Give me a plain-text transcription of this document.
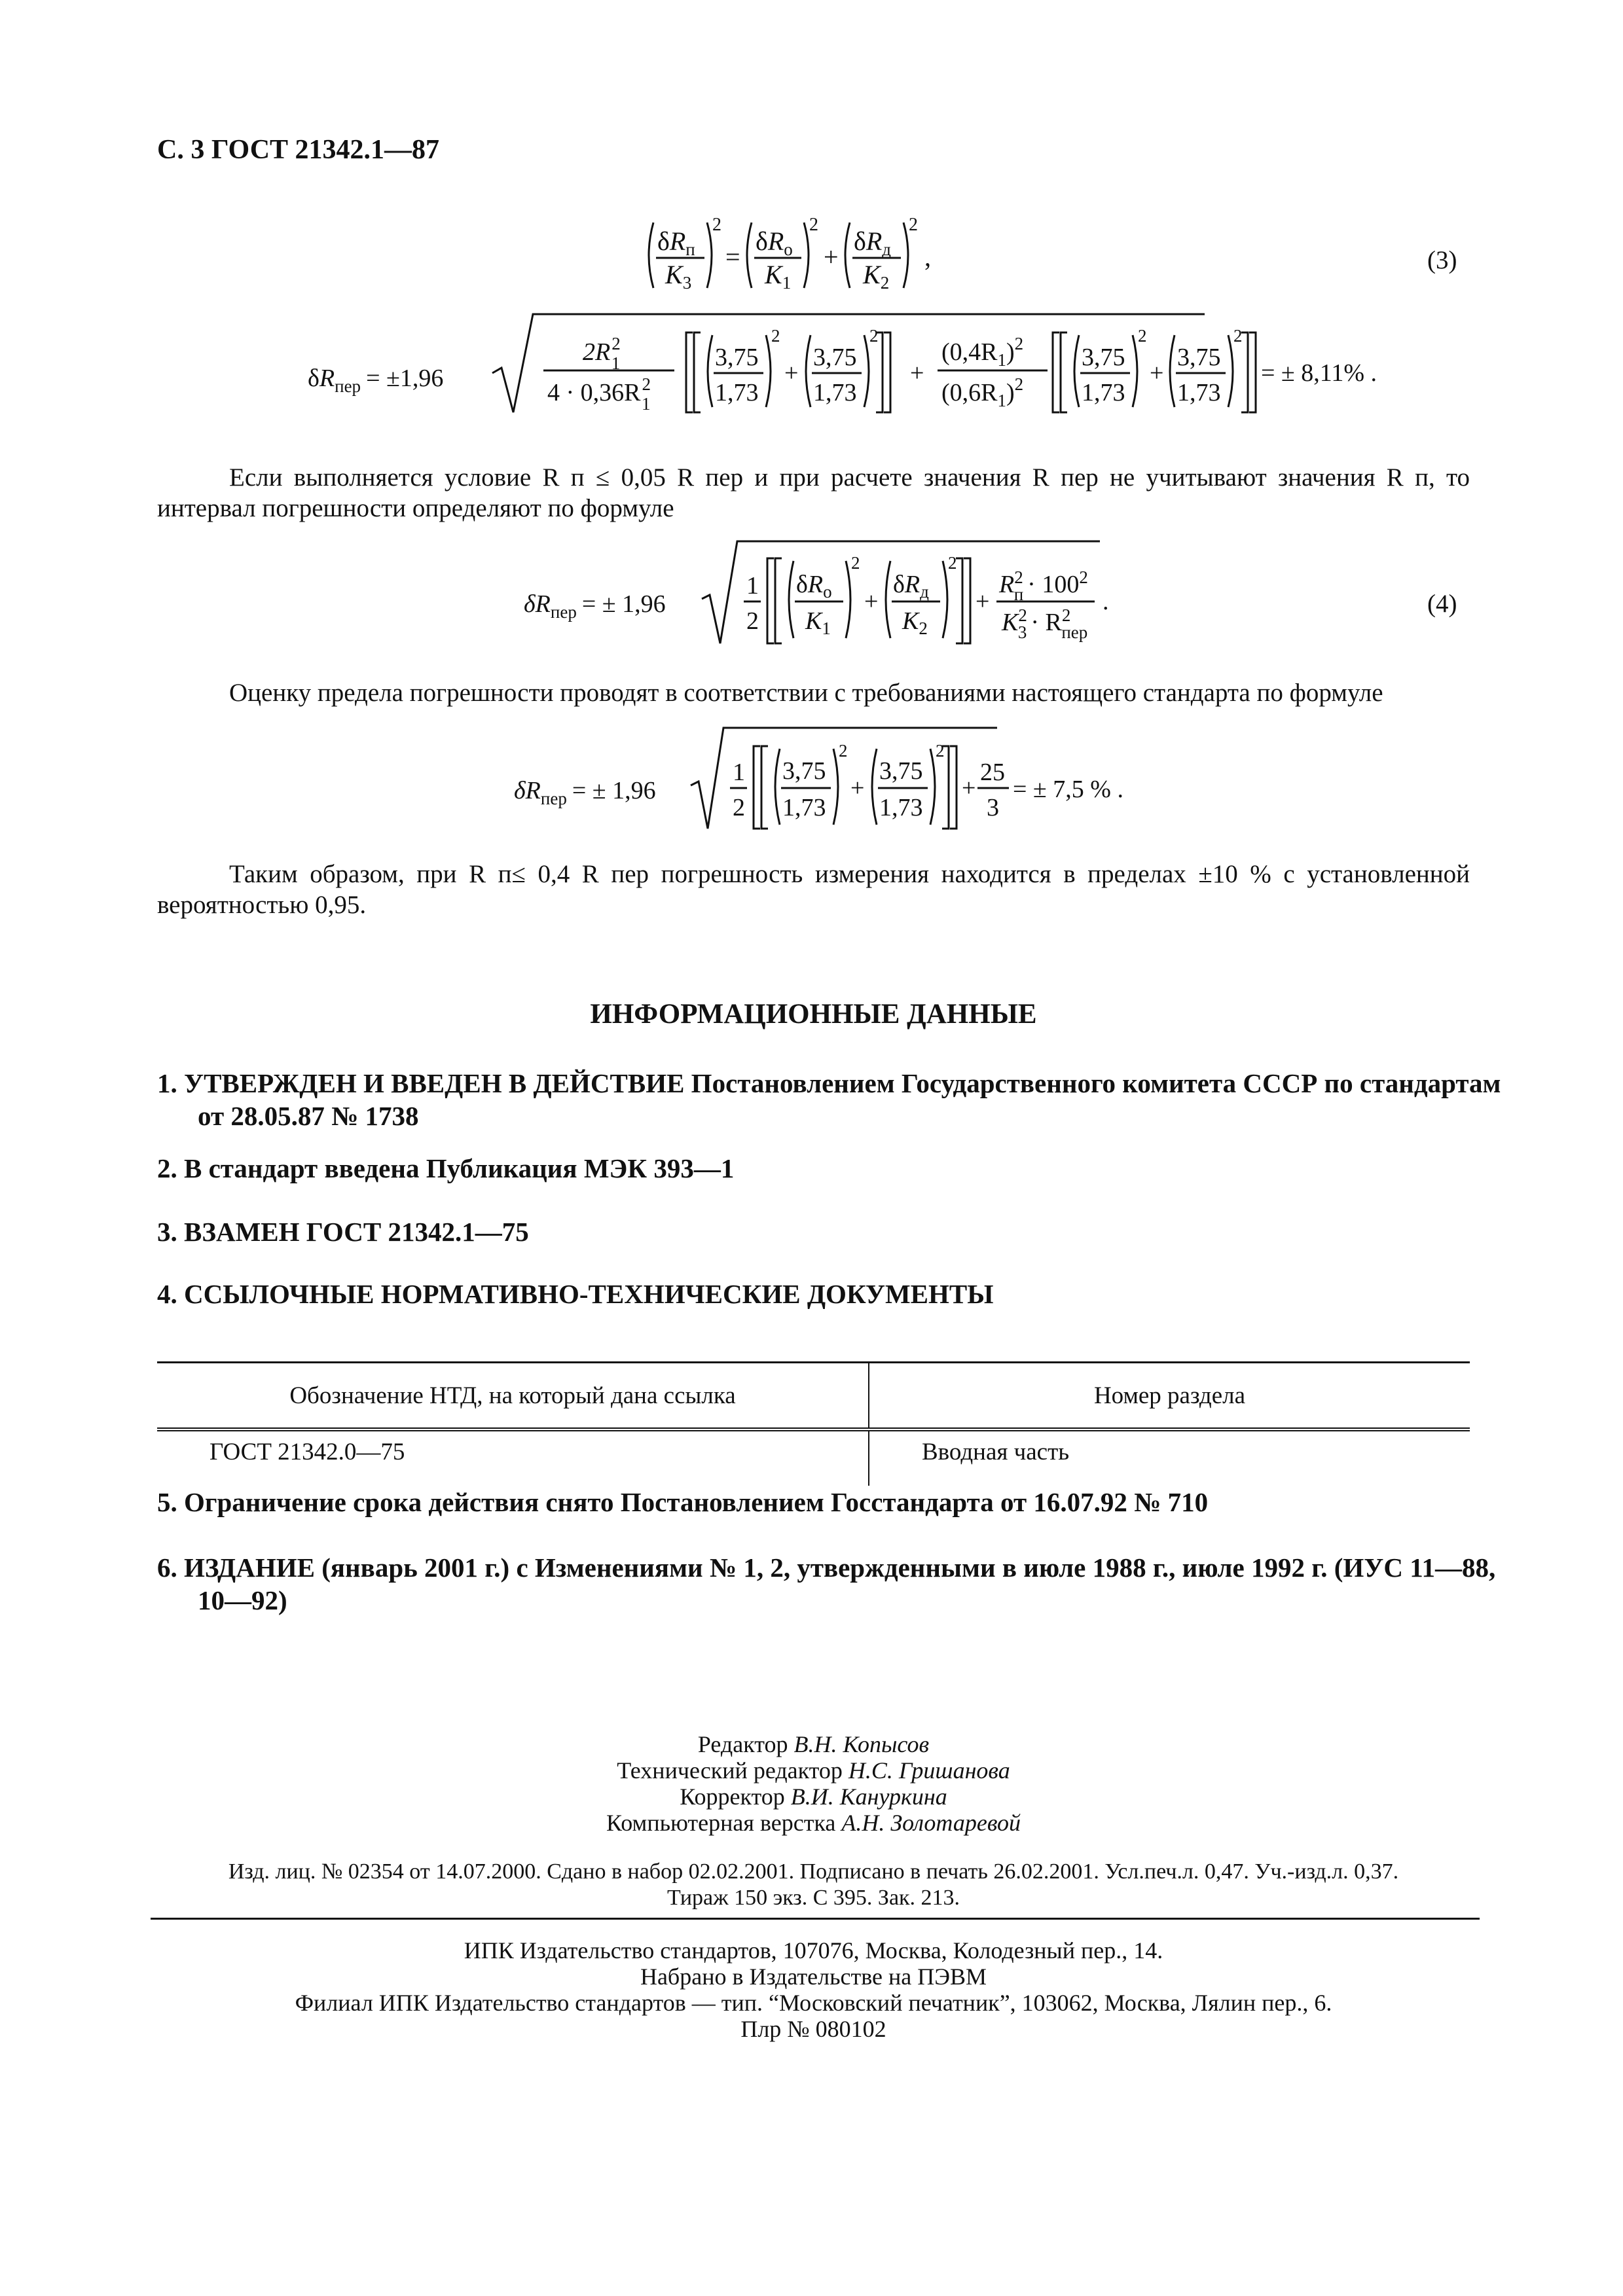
С. 3 ГОСТ 21342.1—87
$\delta R_п$
$K_3$
2
=
$\delta R_о$
$K_1$
2
+
$\delta R_д$
$K_2$
2
,	(3)
$\delta R_{пер} = \pm 1,96$
$2R^2$ 1
$4 \cdot 0,36R^2$ 1
3,75
1,73
2
+
3,75
1,73
2
+
$(0,4R_1)^2$
$(0,6R_1)^2$
3,75
1,73
2
+
3,75
1,73
2
= ± 8,11% .
Если выполняется условие R п ≤ 0,05 R пер и при расчете значения R пер не учитывают значения R п, то интервал погрешности определяют по формуле
$\delta R_{пер}$ = ± 1,96
1
2
$\delta R_о$
$K_1$
2
+
$\delta R_д$
$K_2$
2
+
$R^2$ $п \cdot 100^2$
$K^2$ $3 \cdot R^2$ пер
.	(4)
Оценку предела погрешности проводят в соответствии с требованиями настоящего стандарта по формуле
$\delta R_{пер}$ = ± 1,96
1
2
3,75
1,73
2
+
3,75
1,73
2
+
25
3
= ± 7,5 % .
Таким образом, при R п≤ 0,4 R пер погрешность измерения находится в пределах ±10 % с установленной вероятностью 0,95.
ИНФОРМАЦИОННЫЕ ДАННЫЕ
1. УТВЕРЖДЕН И ВВЕДЕН В ДЕЙСТВИЕ Постановлением Государственного комитета СССР по стандартам от 28.05.87 № 1738
2. В стандарт введена Публикация МЭК 393—1
3. ВЗАМЕН ГОСТ 21342.1—75
4. ССЫЛОЧНЫЕ НОРМАТИВНО-ТЕХНИЧЕСКИЕ ДОКУМЕНТЫ
Обозначение НТД, на который дана ссылка	Номер раздела
ГОСТ 21342.0—75	Вводная часть
5. Ограничение срока действия снято Постановлением Госстандарта от 16.07.92 № 710
6. ИЗДАНИЕ (январь 2001 г.) с Изменениями № 1, 2, утвержденными в июле 1988 г., июле 1992 г. (ИУС 11—88, 10—92)
Редактор В.Н. Копысов
Технический редактор Н.С. Гришанова
Корректор В.И. Кануркина
Компьютерная верстка А.Н. Золотаревой
Изд. лиц. № 02354 от 14.07.2000. Сдано в набор 02.02.2001. Подписано в печать 26.02.2001. Усл.печ.л. 0,47. Уч.-изд.л. 0,37.
Тираж 150 экз. С 395. Зак. 213.
ИПК Издательство стандартов, 107076, Москва, Колодезный пер., 14.
Набрано в Издательстве на ПЭВМ
Филиал ИПК Издательство стандартов — тип. “Московский печатник”, 103062, Москва, Лялин пер., 6.
Плр № 080102
